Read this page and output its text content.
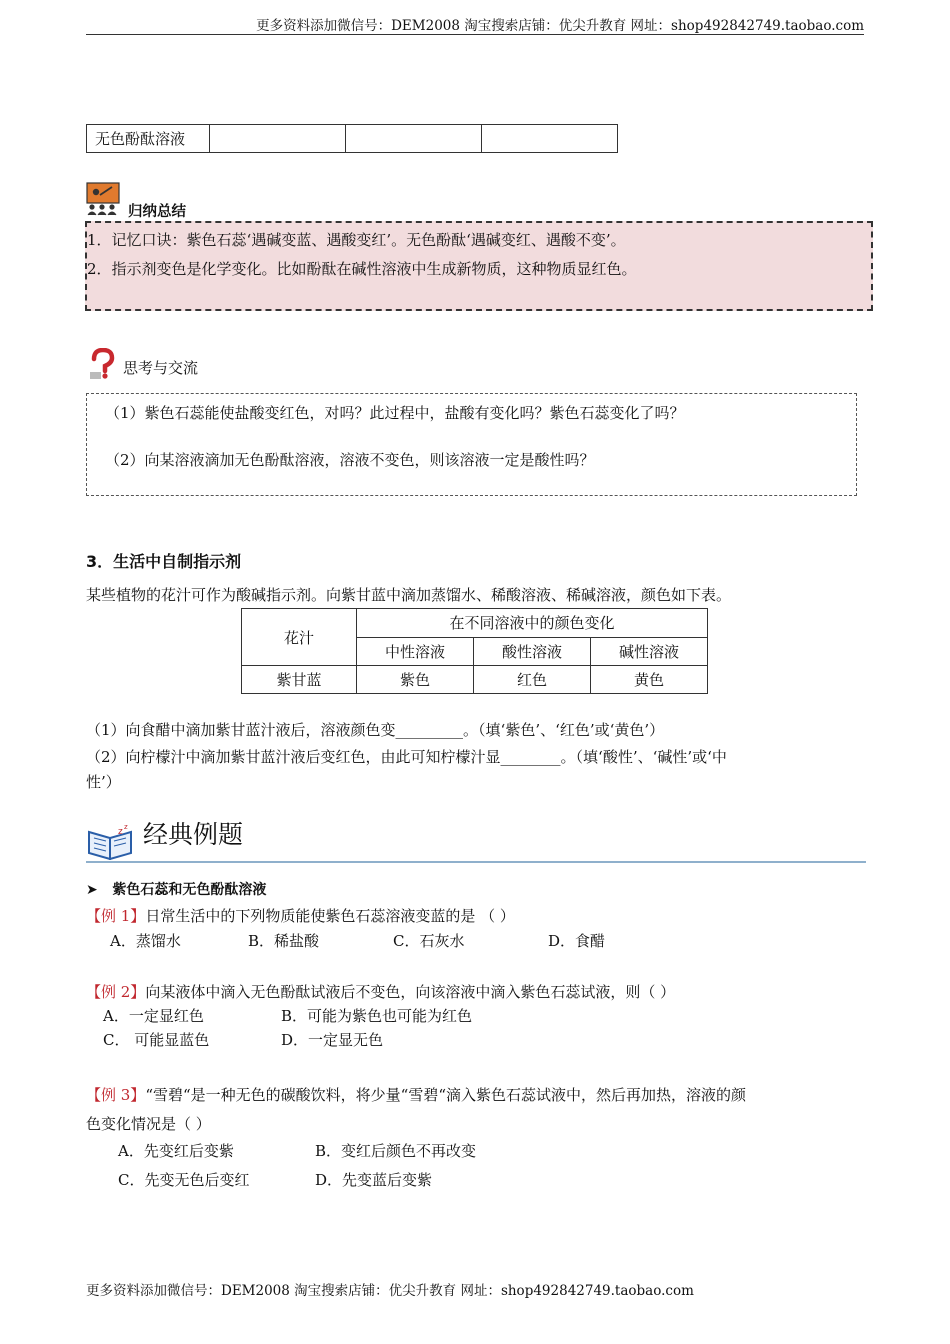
更多资料添加微信号：DEM2008 淘宝搜索店铺：优尖升教育 网址：shop492842749.taobao.com
无色酚酞溶液			
归纳总结
1．记忆口诀：紫色石蕊‘遇碱变蓝、遇酸变红’。无色酚酞‘遇碱变红、遇酸不变’。
2．指示剂变色是化学变化。比如酚酞在碱性溶液中生成新物质，这种物质显红色。
思考与交流
（1）紫色石蕊能使盐酸变红色，对吗？此过程中，盐酸有变化吗？紫色石蕊变化了吗？
（2）向某溶液滴加无色酚酞溶液，溶液不变色，则该溶液一定是酸性吗？
3．生活中自制指示剂
某些植物的花汁可作为酸碱指示剂。向紫甘蓝中滴加蒸馏水、稀酸溶液、稀碱溶液，颜色如下表。
花汁	在不同溶液中的颜色变化		
	中性溶液	酸性溶液	碱性溶液
紫甘蓝	紫色	红色	黄色
（1）向食醋中滴加紫甘蓝汁液后，溶液颜色变_________。（填‘紫色’、‘红色’或‘黄色’）
（2）向柠檬汁中滴加紫甘蓝汁液后变红色，由此可知柠檬汁显________。（填‘酸性’、‘碱性’或‘中
性’）
z z 经典例题
➤ 紫色石蕊和无色酚酞溶液
【例 1】日常生活中的下列物质能使紫色石蕊溶液变蓝的是 （ ）
A．蒸馏水	B．稀盐酸	C．石灰水	D．食醋
【例 2】向某液体中滴入无色酚酞试液后不变色，向该溶液中滴入紫色石蕊试液，则（ ）
A．一定显红色	B．可能为紫色也可能为红色
C． 可能显蓝色	D．一定显无色
【例 3】“雪碧“是一种无色的碳酸饮料，将少量“雪碧“滴入紫色石蕊试液中，然后再加热，溶液的颜
色变化情况是（ ）
A．先变红后变紫	B．变红后颜色不再改变
C．先变无色后变红	D．先变蓝后变紫
更多资料添加微信号：DEM2008 淘宝搜索店铺：优尖升教育 网址：shop492842749.taobao.com
